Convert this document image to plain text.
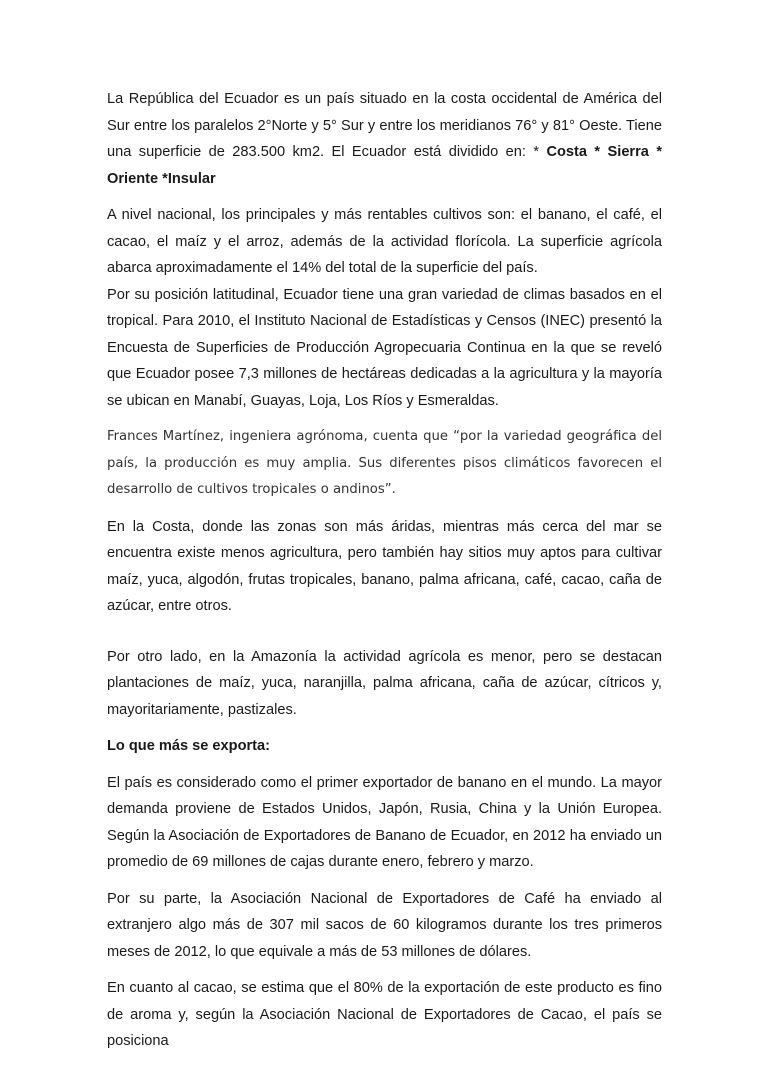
La República del Ecuador es un país situado en la costa occidental de América del Sur entre los paralelos 2°Norte y 5° Sur y entre los meridianos 76° y 81° Oeste. Tiene una superficie de 283.500 km2. El Ecuador está dividido en: * Costa * Sierra * Oriente *Insular

A nivel nacional, los principales y más rentables cultivos son: el banano, el café, el cacao, el maíz y el arroz, además de la actividad florícola. La superficie agrícola abarca aproximadamente el 14% del total de la superficie del país.

Por su posición latitudinal, Ecuador tiene una gran variedad de climas basados en el tropical. Para 2010, el Instituto Nacional de Estadísticas y Censos (INEC) presentó la Encuesta de Superficies de Producción Agropecuaria Continua en la que se reveló que Ecuador posee 7,3 millones de hectáreas dedicadas a la agricultura y la mayoría se ubican en Manabí, Guayas, Loja, Los Ríos y Esmeraldas.

Frances Martínez, ingeniera agrónoma, cuenta que “por la variedad geográfica del país, la producción es muy amplia. Sus diferentes pisos climáticos favorecen el desarrollo de cultivos tropicales o andinos”.

En la Costa, donde las zonas son más áridas, mientras más cerca del mar se encuentra existe menos agricultura, pero también hay sitios muy aptos para cultivar maíz, yuca, algodón, frutas tropicales, banano, palma africana, café, cacao, caña de azúcar, entre otros.

Por otro lado, en la Amazonía la actividad agrícola es menor, pero se destacan plantaciones de maíz, yuca, naranjilla, palma africana, caña de azúcar, cítricos y, mayoritariamente, pastizales.

Lo que más se exporta:

El país es considerado como el primer exportador de banano en el mundo. La mayor demanda proviene de Estados Unidos, Japón, Rusia, China y la Unión Europea. Según la Asociación de Exportadores de Banano de Ecuador, en 2012 ha enviado un promedio de 69 millones de cajas durante enero, febrero y marzo.

Por su parte, la Asociación Nacional de Exportadores de Café ha enviado al extranjero algo más de 307 mil sacos de 60 kilogramos durante los tres primeros meses de 2012, lo que equivale a más de 53 millones de dólares.

En cuanto al cacao, se estima que el 80% de la exportación de este producto es fino de aroma y, según la Asociación Nacional de Exportadores de Cacao, el país se posiciona
